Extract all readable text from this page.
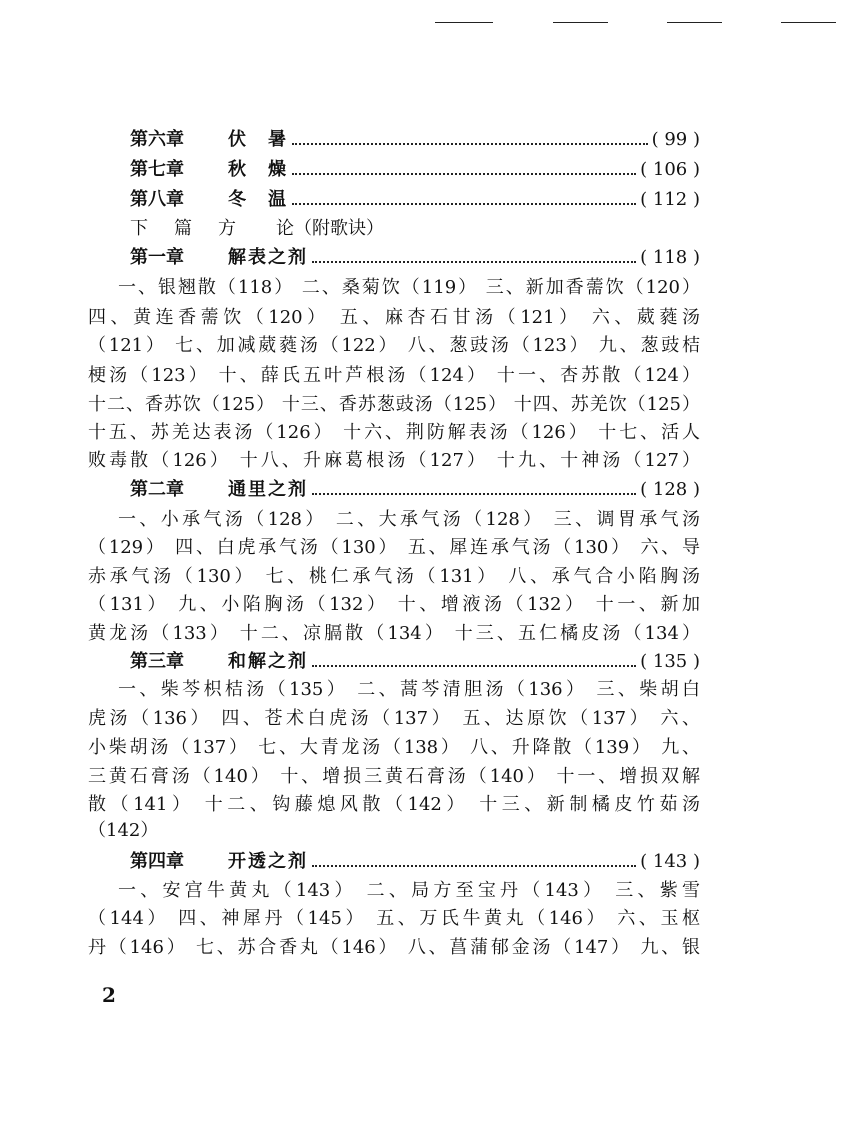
第六章	伏　暑	( 99 )
第七章	秋　燥	( 106 )
第八章	冬　温	( 112 )
下 篇 方 论（附歌诀）
第一章	解表之剂	( 118 )
一、银翘散（118） 二、桑菊饮（119） 三、新加香薷饮（120）
四、黄连香薷饮（120） 五、麻杏石甘汤（121） 六、葳蕤汤
（121） 七、加减葳蕤汤（122） 八、葱豉汤（123） 九、葱豉桔
梗汤（123） 十、薛氏五叶芦根汤（124） 十一、杏苏散（124）
十二、香苏饮（125） 十三、香苏葱豉汤（125） 十四、苏羌饮（125）
十五、苏羌达表汤（126） 十六、荆防解表汤（126） 十七、活人
败毒散（126） 十八、升麻葛根汤（127） 十九、十神汤（127）
第二章	通里之剂	( 128 )
一、小承气汤（128） 二、大承气汤（128） 三、调胃承气汤
（129） 四、白虎承气汤（130） 五、犀连承气汤（130） 六、导
赤承气汤（130） 七、桃仁承气汤（131） 八、承气合小陷胸汤
（131） 九、小陷胸汤（132） 十、增液汤（132） 十一、新加
黄龙汤（133） 十二、凉膈散（134） 十三、五仁橘皮汤（134）
第三章	和解之剂	( 135 )
一、柴芩枳桔汤（135） 二、蒿芩清胆汤（136） 三、柴胡白
虎汤（136） 四、苍术白虎汤（137） 五、达原饮（137） 六、
小柴胡汤（137） 七、大青龙汤（138） 八、升降散（139） 九、
三黄石膏汤（140） 十、增损三黄石膏汤（140） 十一、增损双解
散（141） 十二、钩藤熄风散（142） 十三、新制橘皮竹茹汤
（142）
第四章	开透之剂	( 143 )
一、安宫牛黄丸（143） 二、局方至宝丹（143） 三、紫雪
（144） 四、神犀丹（145） 五、万氏牛黄丸（146） 六、玉枢
丹（146） 七、苏合香丸（146） 八、菖蒲郁金汤（147） 九、银
2
